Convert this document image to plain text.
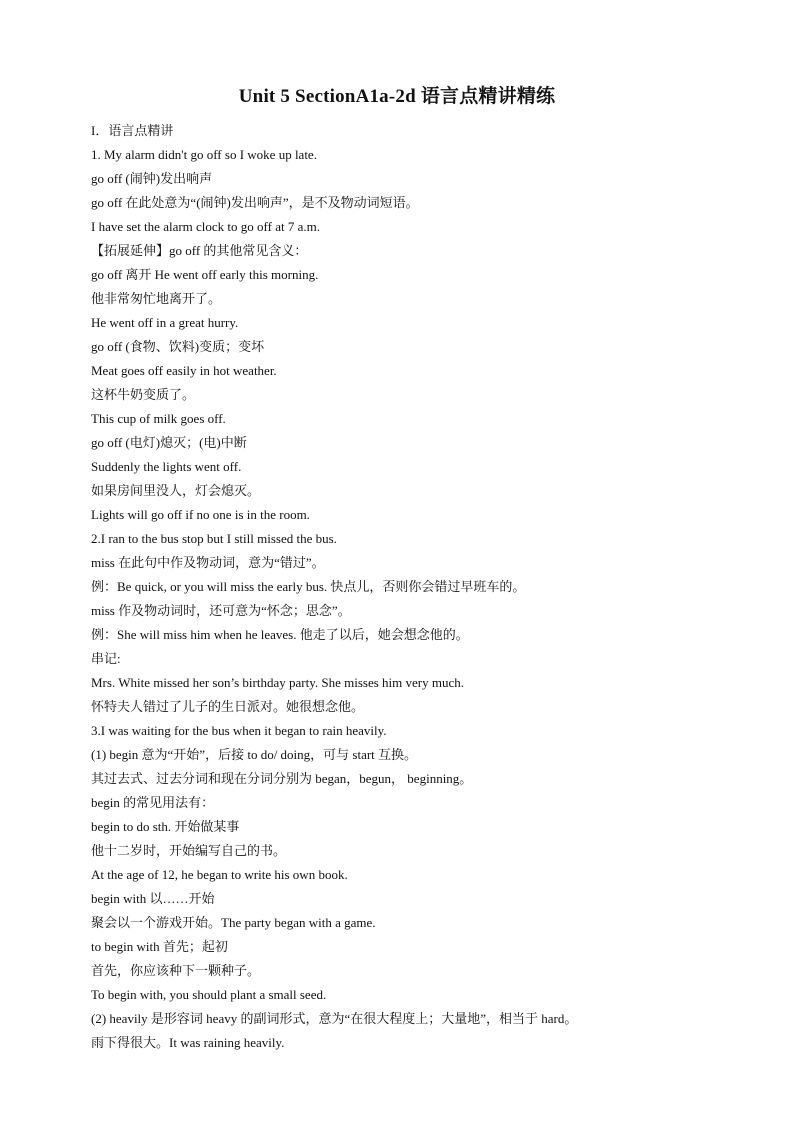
Unit 5 SectionA1a-2d 语言点精讲精练
I．语言点精讲
1. My alarm didn't go off so I woke up late.
go off (闹钟)发出响声
go off 在此处意为“(闹钟)发出响声”，是不及物动词短语。
I have set the alarm clock to go off at 7 a.m.
【拓展延伸】go off 的其他常见含义：
go off 离开 He went off early this morning.
他非常匆忙地离开了。
He went off in a great hurry.
go off (食物、饮料)变质；变坏
Meat goes off easily in hot weather.
这杯牛奶变质了。
This cup of milk goes off.
go off (电灯)熄灭；(电)中断
Suddenly the lights went off.
如果房间里没人，灯会熄灭。
Lights will go off if no one is in the room.
2.I ran to the bus stop but I still missed the bus.
miss 在此句中作及物动词，意为“错过”。
例：Be quick, or you will miss the early bus. 快点儿，否则你会错过早班车的。
miss 作及物动词时，还可意为“怀念；思念”。
例：She will miss him when he leaves. 他走了以后，她会想念他的。
串记:
Mrs. White missed her son’s birthday party. She misses him very much.
怀特夫人错过了儿子的生日派对。她很想念他。
3.I was waiting for the bus when it began to rain heavily.
(1) begin 意为“开始”，后接 to do/ doing，可与 start 互换。
其过去式、过去分词和现在分词分别为 began，begun， beginning。
begin 的常见用法有：
begin to do sth. 开始做某事
他十二岁时，开始编写自己的书。
At the age of 12, he began to write his own book.
begin with 以……开始
聚会以一个游戏开始。The party began with a game.
to begin with 首先；起初
首先，你应该种下一颗种子。
To begin with, you should plant a small seed.
(2) heavily 是形容词 heavy 的副词形式，意为“在很大程度上；大量地”，相当于 hard。
雨下得很大。It was raining heavily.
